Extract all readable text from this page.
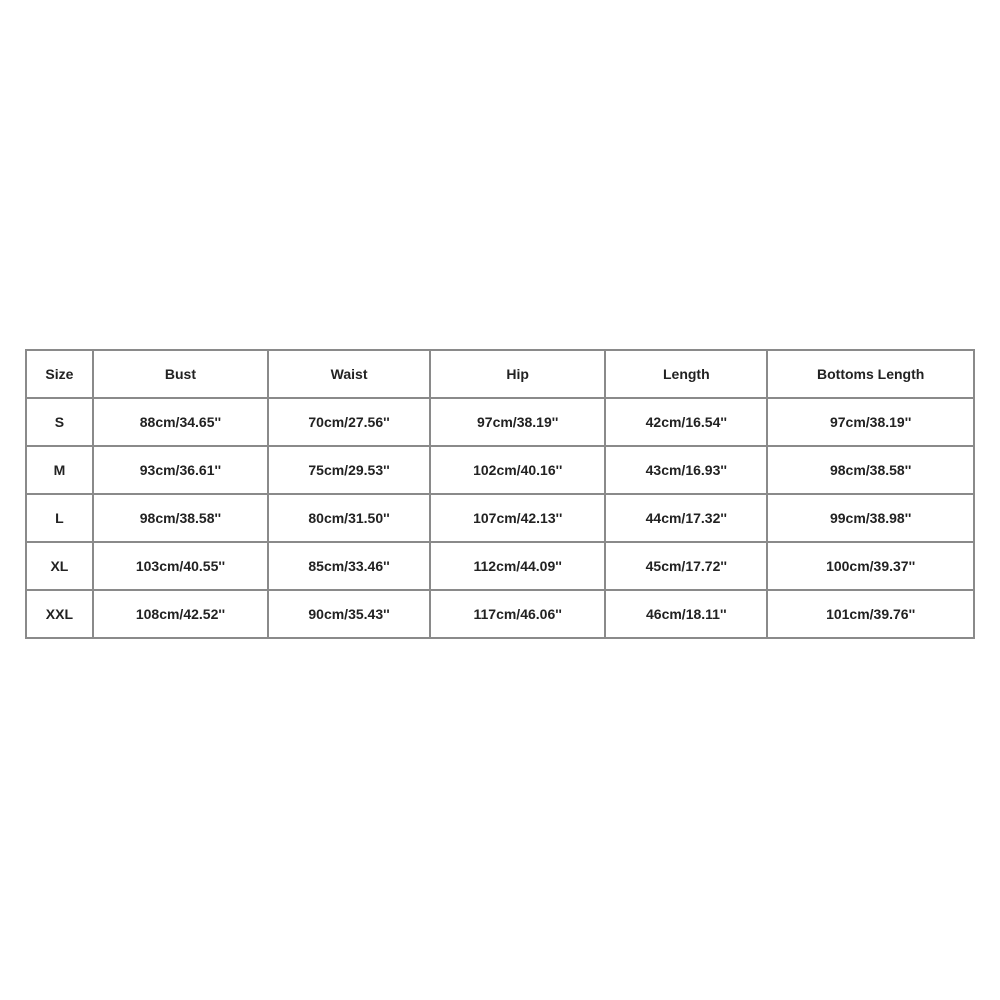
Size	Bust	Waist	Hip	Length	Bottoms Length
S	88cm/34.65''	70cm/27.56''	97cm/38.19''	42cm/16.54''	97cm/38.19''
M	93cm/36.61''	75cm/29.53''	102cm/40.16''	43cm/16.93''	98cm/38.58''
L	98cm/38.58''	80cm/31.50''	107cm/42.13''	44cm/17.32''	99cm/38.98''
XL	103cm/40.55''	85cm/33.46''	112cm/44.09''	45cm/17.72''	100cm/39.37''
XXL	108cm/42.52''	90cm/35.43''	117cm/46.06''	46cm/18.11''	101cm/39.76''
